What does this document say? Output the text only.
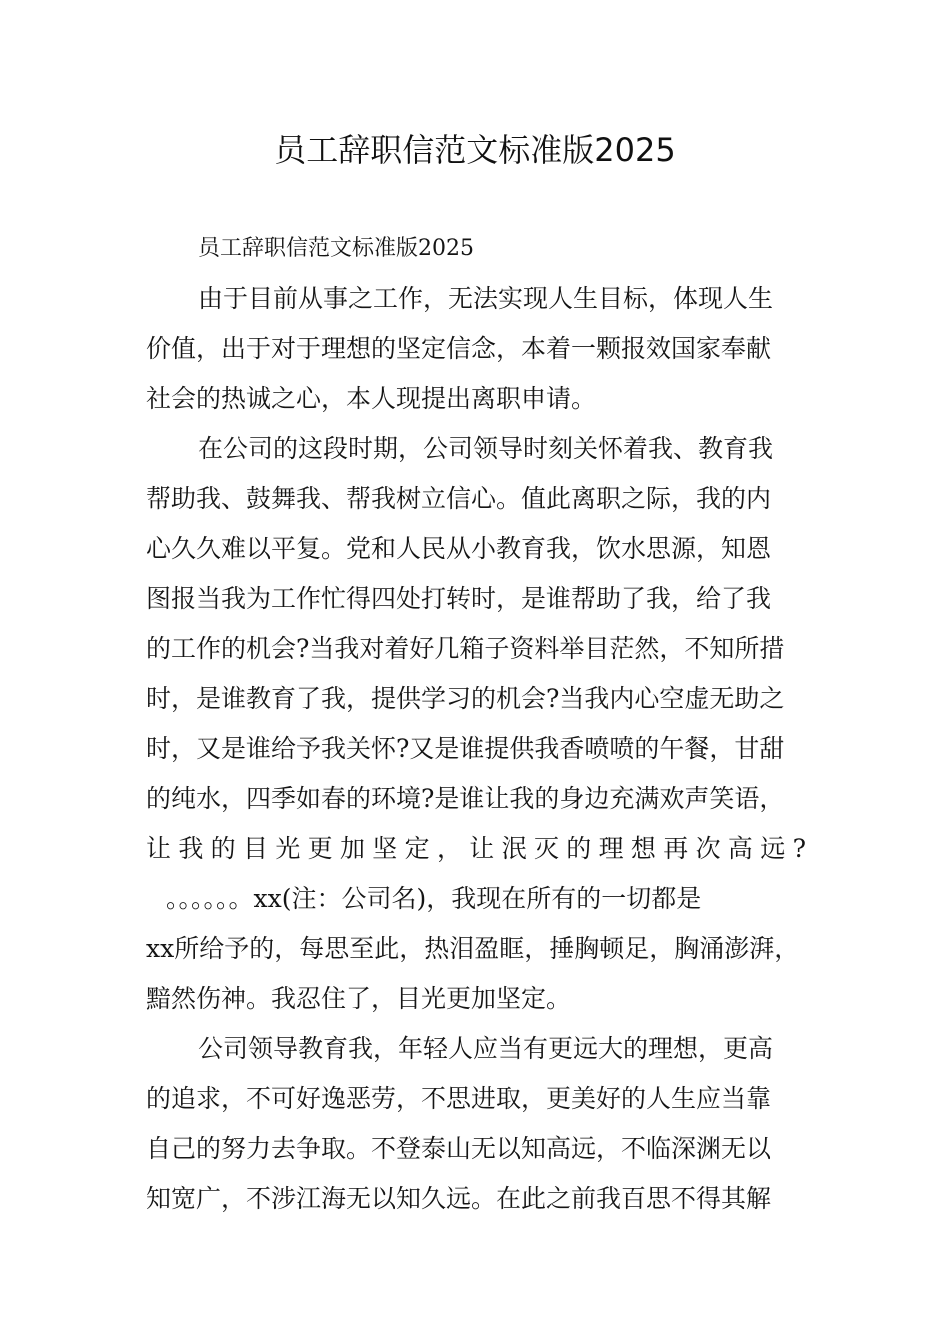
员工辞职信范文标准版2025
员工辞职信范文标准版2025
由于目前从事之工作，无法实现人生目标，体现人生
价值，出于对于理想的坚定信念，本着一颗报效国家奉献
社会的热诚之心，本人现提出离职申请。
在公司的这段时期，公司领导时刻关怀着我、教育我
帮助我、鼓舞我、帮我树立信心。值此离职之际，我的内
心久久难以平复。党和人民从小教育我，饮水思源，知恩
图报当我为工作忙得四处打转时，是谁帮助了我，给了我
的工作的机会?当我对着好几箱子资料举目茫然，不知所措
时，是谁教育了我，提供学习的机会?当我内心空虚无助之
时，又是谁给予我关怀?又是谁提供我香喷喷的午餐，甘甜
的纯水，四季如春的环境?是谁让我的身边充满欢声笑语，
让 我 的 目 光 更 加 坚 定 ， 让 泯 灭 的 理 想 再 次 高 远 ?
。。。。。。xx(注：公司名)，我现在所有的一切都是
xx所给予的，每思至此，热泪盈眶，捶胸顿足，胸涌澎湃，
黯然伤神。我忍住了，目光更加坚定。
公司领导教育我，年轻人应当有更远大的理想，更高
的追求，不可好逸恶劳，不思进取，更美好的人生应当靠
自己的努力去争取。不登泰山无以知高远，不临深渊无以
知宽广，不涉江海无以知久远。在此之前我百思不得其解
